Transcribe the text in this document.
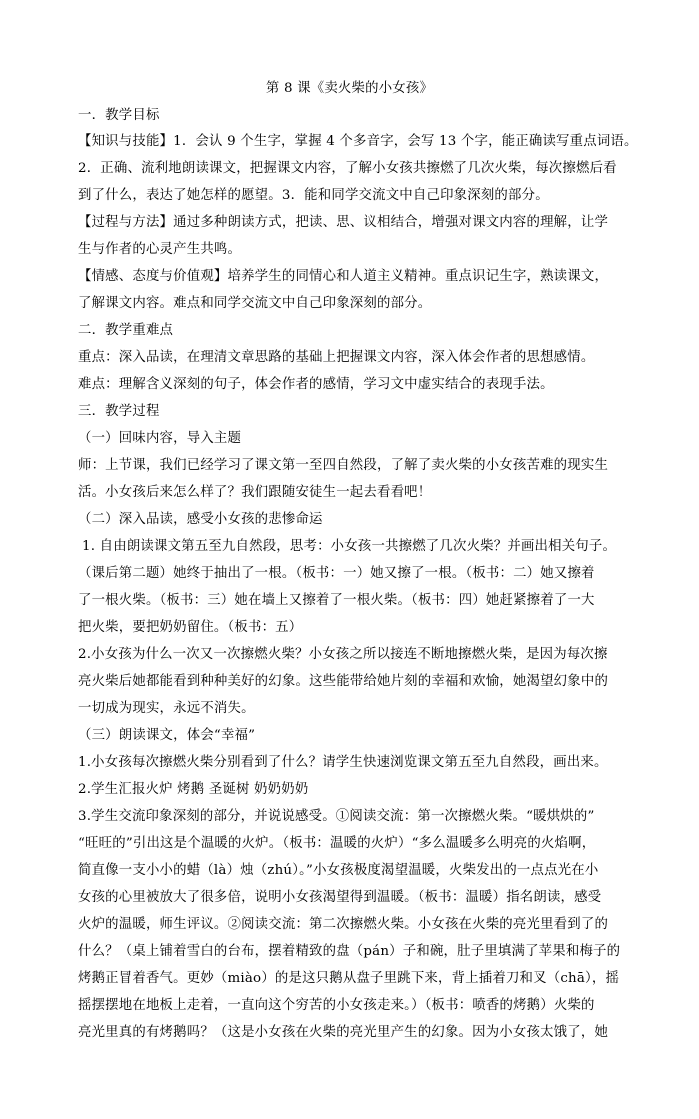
第 8 课《卖火柴的小女孩》
一．教学目标
【知识与技能】1．会认 9 个生字，掌握 4 个多音字，会写 13 个字，能正确读写重点词语。
2．正确、流利地朗读课文，把握课文内容，了解小女孩共擦燃了几次火柴，每次擦燃后看
到了什么，表达了她怎样的愿望。3．能和同学交流文中自己印象深刻的部分。
【过程与方法】通过多种朗读方式，把读、思、议相结合，增强对课文内容的理解，让学
生与作者的心灵产生共鸣。
【情感、态度与价值观】培养学生的同情心和人道主义精神。重点识记生字，熟读课文，
了解课文内容。难点和同学交流文中自己印象深刻的部分。
二．教学重难点
重点：深入品读，在理清文章思路的基础上把握课文内容，深入体会作者的思想感情。
难点：理解含义深刻的句子，体会作者的感情，学习文中虚实结合的表现手法。
三．教学过程
（一）回味内容，导入主题
师：上节课，我们已经学习了课文第一至四自然段，了解了卖火柴的小女孩苦难的现实生
活。小女孩后来怎么样了？我们跟随安徒生一起去看看吧！
（二）深入品读，感受小女孩的悲惨命运
1. 自由朗读课文第五至九自然段，思考：小女孩一共擦燃了几次火柴？并画出相关句子。
（课后第二题）她终于抽出了一根。（板书：一）她又擦了一根。（板书：二）她又擦着
了一根火柴。（板书：三）她在墙上又擦着了一根火柴。（板书：四）她赶紧擦着了一大
把火柴，要把奶奶留住。（板书：五）
2.小女孩为什么一次又一次擦燃火柴？小女孩之所以接连不断地擦燃火柴，是因为每次擦
亮火柴后她都能看到种种美好的幻象。这些能带给她片刻的幸福和欢愉，她渴望幻象中的
一切成为现实，永远不消失。
（三）朗读课文，体会“幸福”
1.小女孩每次擦燃火柴分别看到了什么？请学生快速浏览课文第五至九自然段，画出来。
2.学生汇报火炉 烤鹅 圣诞树 奶奶奶奶
3.学生交流印象深刻的部分，并说说感受。①阅读交流：第一次擦燃火柴。“暖烘烘的”
“旺旺的”引出这是个温暖的火炉。（板书：温暖的火炉）“多么温暖多么明亮的火焰啊，
简直像一支小小的蜡（là）烛（zhú）。”小女孩极度渴望温暖，火柴发出的一点点光在小
女孩的心里被放大了很多倍，说明小女孩渴望得到温暖。（板书：温暖）指名朗读，感受
火炉的温暖，师生评议。②阅读交流：第二次擦燃火柴。小女孩在火柴的亮光里看到了的
什么？（桌上铺着雪白的台布，摆着精致的盘（pán）子和碗，肚子里填满了苹果和梅子的
烤鹅正冒着香气。更妙（miào）的是这只鹅从盘子里跳下来，背上插着刀和叉（chā），摇
摇摆摆地在地板上走着，一直向这个穷苦的小女孩走来。）（板书：喷香的烤鹅）火柴的
亮光里真的有烤鹅吗？（这是小女孩在火柴的亮光里产生的幻象。因为小女孩太饿了，她
